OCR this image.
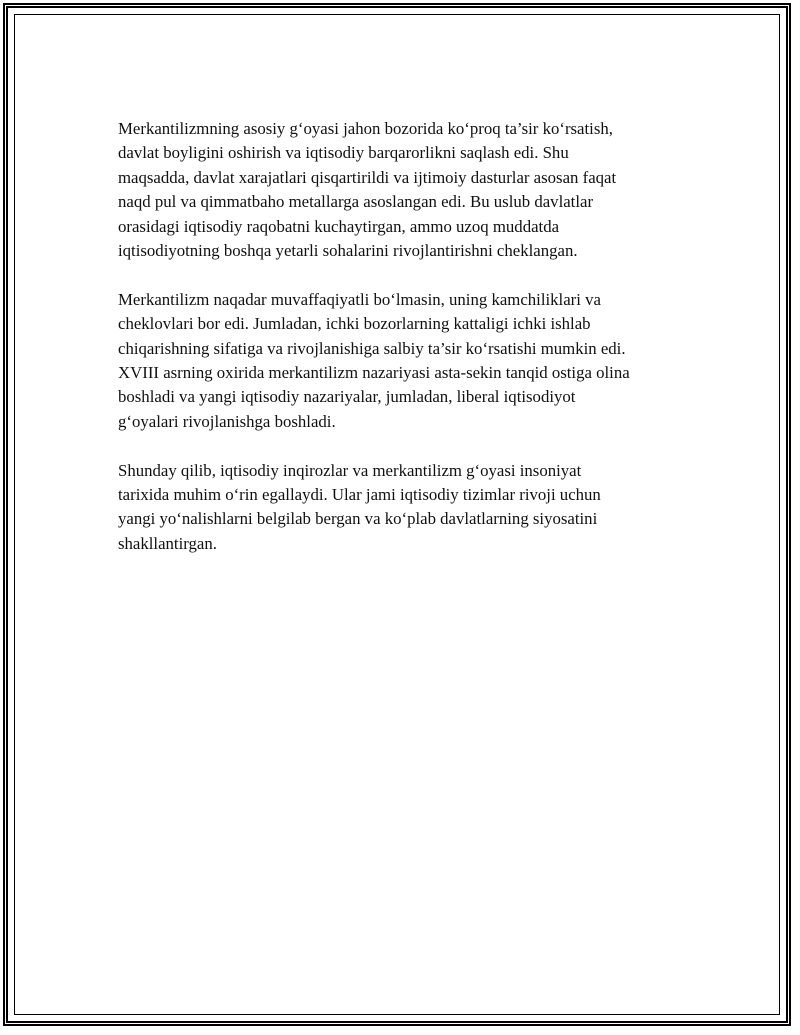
Merkantilizmning asosiy g‘oyasi jahon bozorida ko‘proq ta’sir ko‘rsatish,
davlat boyligini oshirish va iqtisodiy barqarorlikni saqlash edi. Shu
maqsadda, davlat xarajatlari qisqartirildi va ijtimoiy dasturlar asosan faqat
naqd pul va qimmatbaho metallarga asoslangan edi. Bu uslub davlatlar
orasidagi iqtisodiy raqobatni kuchaytirgan, ammo uzoq muddatda
iqtisodiyotning boshqa yetarli sohalarini rivojlantirishni cheklangan.

Merkantilizm naqadar muvaffaqiyatli bo‘lmasin, uning kamchiliklari va
cheklovlari bor edi. Jumladan, ichki bozorlarning kattaligi ichki ishlab
chiqarishning sifatiga va rivojlanishiga salbiy ta’sir ko‘rsatishi mumkin edi.
XVIII asrning oxirida merkantilizm nazariyasi asta-sekin tanqid ostiga olina
boshladi va yangi iqtisodiy nazariyalar, jumladan, liberal iqtisodiyot
g‘oyalari rivojlanishga boshladi.

Shunday qilib, iqtisodiy inqirozlar va merkantilizm g‘oyasi insoniyat
tarixida muhim o‘rin egallaydi. Ular jami iqtisodiy tizimlar rivoji uchun
yangi yo‘nalishlarni belgilab bergan va ko‘plab davlatlarning siyosatini
shakllantirgan.
